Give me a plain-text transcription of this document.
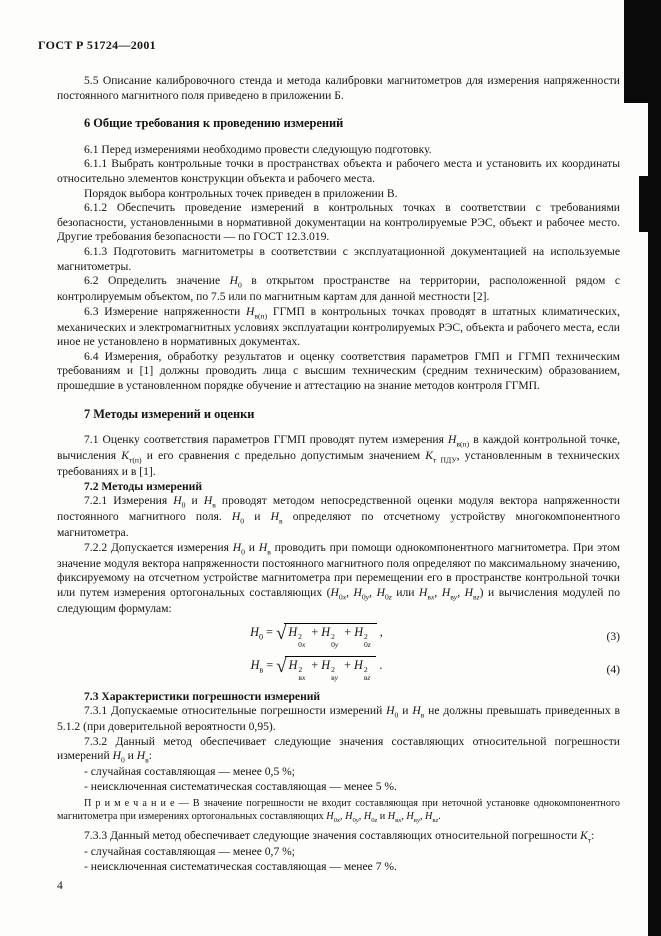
ГОСТ Р 51724—2001

5.5 Описание калибровочного стенда и метода калибровки магнитометров для измерения напряженности постоянного магнитного поля приведено в приложении Б.

6 Общие требования к проведению измерений

6.1 Перед измерениями необходимо провести следующую подготовку.

6.1.1 Выбрать контрольные точки в пространствах объекта и рабочего места и установить их координаты относительно элементов конструкции объекта и рабочего места.

Порядок выбора контрольных точек приведен в приложении В.

6.1.2 Обеспечить проведение измерений в контрольных точках в соответствии с требованиями безопасности, установленными в нормативной документации на контролируемые РЭС, объект и рабочее место. Другие требования безопасности — по ГОСТ 12.3.019.

6.1.3 Подготовить магнитометры в соответствии с эксплуатационной документацией на используемые магнитометры.

6.2 Определить значение $H_0$ в открытом пространстве на территории, расположенной рядом с контролируемым объектом, по 7.5 или по магнитным картам для данной местности [2].

6.3 Измерение напряженности $H_{в(п)}$ ГГМП в контрольных точках проводят в штатных климатических, механических и электромагнитных условиях эксплуатации контролируемых РЭС, объекта и рабочего места, если иное не установлено в нормативных документах.

6.4 Измерения, обработку результатов и оценку соответствия параметров ГМП и ГГМП техническим требованиям и [1] должны проводить лица с высшим техническим (средним техническим) образованием, прошедшие в установленном порядке обучение и аттестацию на знание методов контроля ГГМП.

7 Методы измерений и оценки

7.1 Оценку соответствия параметров ГГМП проводят путем измерения $H_{в(п)}$ в каждой контрольной точке, вычисления $K_{т(п)}$ и его сравнения с предельно допустимым значением $K_{т ПДУ}$, установленным в технических требованиях и в [1].

7.2 Методы измерений

7.2.1 Измерения $H_0$ и $H_в$ проводят методом непосредственной оценки модуля вектора напряженности постоянного магнитного поля. $H_0$ и $H_в$ определяют по отсчетному устройству многокомпонентного магнитометра.

7.2.2 Допускается измерения $H_0$ и $H_в$ проводить при помощи однокомпонентного магнитометра. При этом значение модуля вектора напряженности постоянного магнитного поля определяют по максимальному значению, фиксируемому на отсчетном устройстве магнитометра при перемещении его в пространстве контрольной точки или путем измерения ортогональных составляющих ($H_{0x}$, $H_{0y}$, $H_{0z}$ или $H_{вx}$, $H_{вy}$, $H_{вz}$) и вычисления модулей по следующим формулам:

$H_0$ = √ H 2
0x
+ H 2
0y
+ H 2
0z
,	(3)
$H_в$ = √ H 2
вx
+ H 2
вy
+ H 2
вz
.	(4)

7.3 Характеристики погрешности измерений

7.3.1 Допускаемые относительные погрешности измерений $H_0$ и $H_в$ не должны превышать приведенных в 5.1.2 (при доверительной вероятности 0,95).

7.3.2 Данный метод обеспечивает следующие значения составляющих относительной погрешности измерений $H_0$ и $H_в$:

- случайная составляющая — менее 0,5 %;

- неисключенная систематическая составляющая — менее 5 %.

П р и м е ч а н и е — В значение погрешности не входит составляющая при неточной установке однокомпонентного магнитометра при измерениях ортогональных составляющих $H_{0x}$, $H_{0y}$, $H_{0z}$ и $H_{вx}$, $H_{вy}$, $H_{вz}$.

7.3.3 Данный метод обеспечивает следующие значения составляющих относительной погрешности $K_т$:

- случайная составляющая — менее 0,7 %;

- неисключенная систематическая составляющая — менее 7 %.

4
